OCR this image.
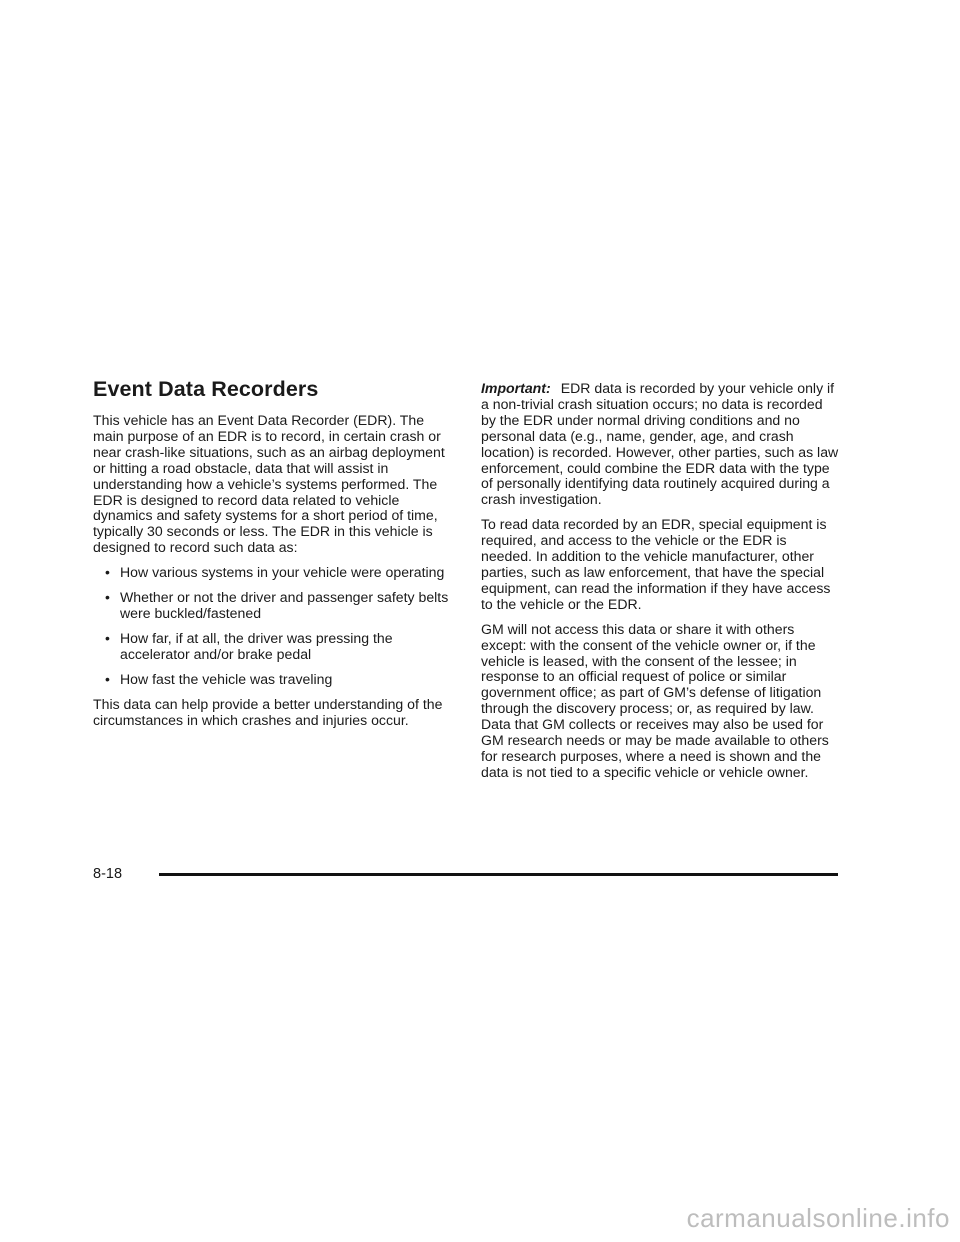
Event Data Recorders

This vehicle has an Event Data Recorder (EDR). The main purpose of an EDR is to record, in certain crash or near crash-like situations, such as an airbag deployment or hitting a road obstacle, data that will assist in understanding how a vehicle’s systems performed. The EDR is designed to record data related to vehicle dynamics and safety systems for a short period of time, typically 30 seconds or less. The EDR in this vehicle is designed to record such data as:

• How various systems in your vehicle were operating
• Whether or not the driver and passenger safety belts were buckled/fastened
• How far, if at all, the driver was pressing the accelerator and/or brake pedal
• How fast the vehicle was traveling

This data can help provide a better understanding of the circumstances in which crashes and injuries occur.

Important: EDR data is recorded by your vehicle only if a non-trivial crash situation occurs; no data is recorded by the EDR under normal driving conditions and no personal data (e.g., name, gender, age, and crash location) is recorded. However, other parties, such as law enforcement, could combine the EDR data with the type of personally identifying data routinely acquired during a crash investigation.

To read data recorded by an EDR, special equipment is required, and access to the vehicle or the EDR is needed. In addition to the vehicle manufacturer, other parties, such as law enforcement, that have the special equipment, can read the information if they have access to the vehicle or the EDR.

GM will not access this data or share it with others except: with the consent of the vehicle owner or, if the vehicle is leased, with the consent of the lessee; in response to an official request of police or similar government office; as part of GM’s defense of litigation through the discovery process; or, as required by law. Data that GM collects or receives may also be used for GM research needs or may be made available to others for research purposes, where a need is shown and the data is not tied to a specific vehicle or vehicle owner.

8-18
carmanualsonline.info
